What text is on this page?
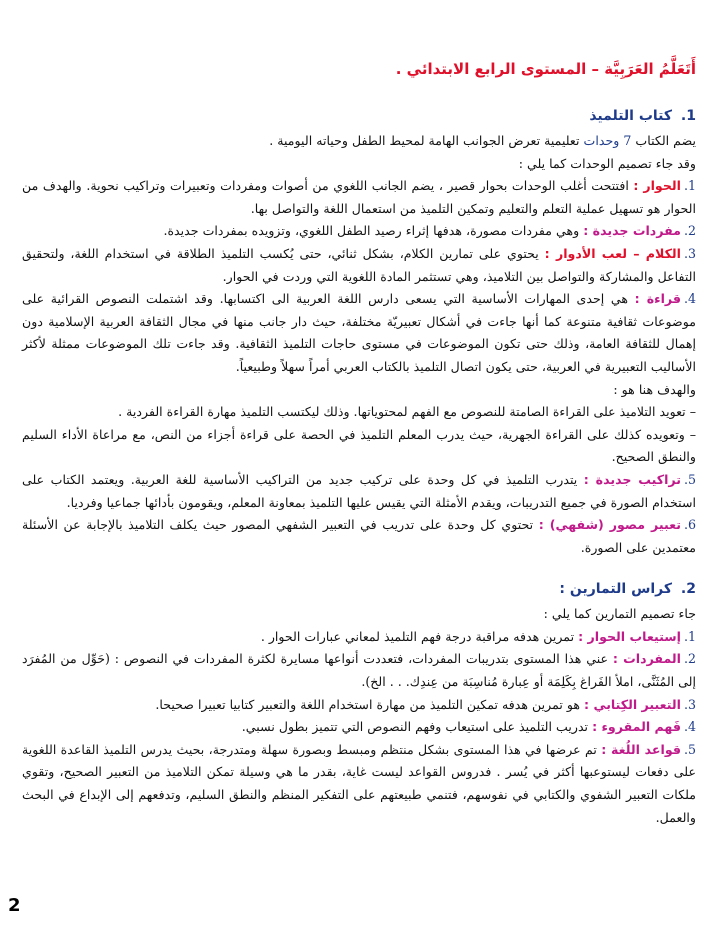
أَتَعَلَّمُ العَرَبِيَّة – المستوى الرابع الابتدائي .
1. كتاب التلميذ

يضم الكتاب 7 وحدات تعليمية تعرض الجوانب الهامة لمحيط الطفل وحياته اليومية .

وقد جاء تصميم الوحدات كما يلي :

1.الحوار : افتتحت أغلب الوحدات بحوار قصير ، يضم الجانب اللغوي من أصوات ومفردات وتعبيرات وتراكيب نحوية. والهدف من الحوار هو تسهيل عملية التعلم والتعليم وتمكين التلميذ من استعمال اللغة والتواصل بها.

2.مفردات جديدة : وهي مفردات مصورة، هدفها إثراء رصيد الطفل اللغوي، وتزويده بمفردات جديدة.

3.الكلام – لعب الأدوار : يحتوي على تمارين الكلام، بشكل ثنائي، حتى يُكسب التلميذ الطلاقة في استخدام اللغة، ولتحقيق التفاعل والمشاركة والتواصل بين التلاميذ، وهي تستثمر المادة اللغوية التي وردت في الحوار.

4.قراءة : هي إحدى المهارات الأساسية التي يسعى دارس اللغة العربية الى اكتسابها. وقد اشتملت النصوص القرائية على موضوعات ثقافية متنوعة كما أنها جاءت في أشكال تعبيريّة مختلفة، حيث دار جانب منها في مجال الثقافة العربية الإسلامية دون إهمال للثقافة العامة، وذلك حتى تكون الموضوعات في مستوى حاجات التلميذ الثقافية. وقد جاءت تلك الموضوعات ممثلة لأكثر الأساليب التعبيرية في العربية، حتى يكون اتصال التلميذ بالكتاب العربي أمراً سهلاً وطبيعياً.

والهدف هنا هو :

– تعويد التلاميذ على القراءة الصامتة للنصوص مع الفهم لمحتوياتها. وذلك ليكتسب التلميذ مهارة القراءة الفردية .

– وتعويده كذلك على القراءة الجهرية، حيث يدرب المعلم التلميذ في الحصة على قراءة أجزاء من النص، مع مراعاة الأداء السليم والنطق الصحيح.

5.تراكيب جديدة : يتدرب التلميذ في كل وحدة على تركيب جديد من التراكيب الأساسية للغة العربية. ويعتمد الكتاب على استخدام الصورة في جميع التدريبات، ويقدم الأمثلة التي يقيس عليها التلميذ بمعاونة المعلم، ويقومون بأدائها جماعيا وفرديا.

6.تعبير مصور (شفهي) : تحتوي كل وحدة على تدريب في التعبير الشفهي المصور حيث يكلف التلاميذ بالإجابة عن الأسئلة معتمدين على الصورة.

2. كراس التمارين :

جاء تصميم التمارين كما يلي :

1.إستيعاب الحوار : تمرين هدفه مراقبة درجة فهم التلميذ لمعاني عبارات الحوار .

2.المفردات : عني هذا المستوى بتدريبات المفردات، فتعددت أنواعها مسايرة لكثرة المفردات في النصوص : (حَوِّل من المُفرَد إلى المُثَنَّى، املأ الفَراغ بِكَلِمَة أو عِبارة مُناسِبَة من عِندِك. . . الخ).

3.التعبير الكِتابي : هو تمرين هدفه تمكين التلميذ من مهارة استخدام اللغة والتعبير كتابيا تعبيرا صحيحا.

4.فَهم المقروء : تدريب التلميذ على استيعاب وفهم النصوص التي تتميز بطول نسبي.

5.قواعد اللُغة : تم عرضها في هذا المستوى بشكل منتظم ومبسط وبصورة سهلة ومتدرجة، بحيث يدرس التلميذ القاعدة اللغوية على دفعات ليستوعبها أكثر في يُسر . فدروس القواعد ليست غاية، بقدر ما هي وسيلة تمكن التلاميذ من التعبير الصحيح، وتقوي ملكات التعبير الشفوي والكتابي في نفوسهم، فتنمي طبيعتهم على التفكير المنظم والنطق السليم، وتدفعهم إلى الإبداع في البحث والعمل.

2
